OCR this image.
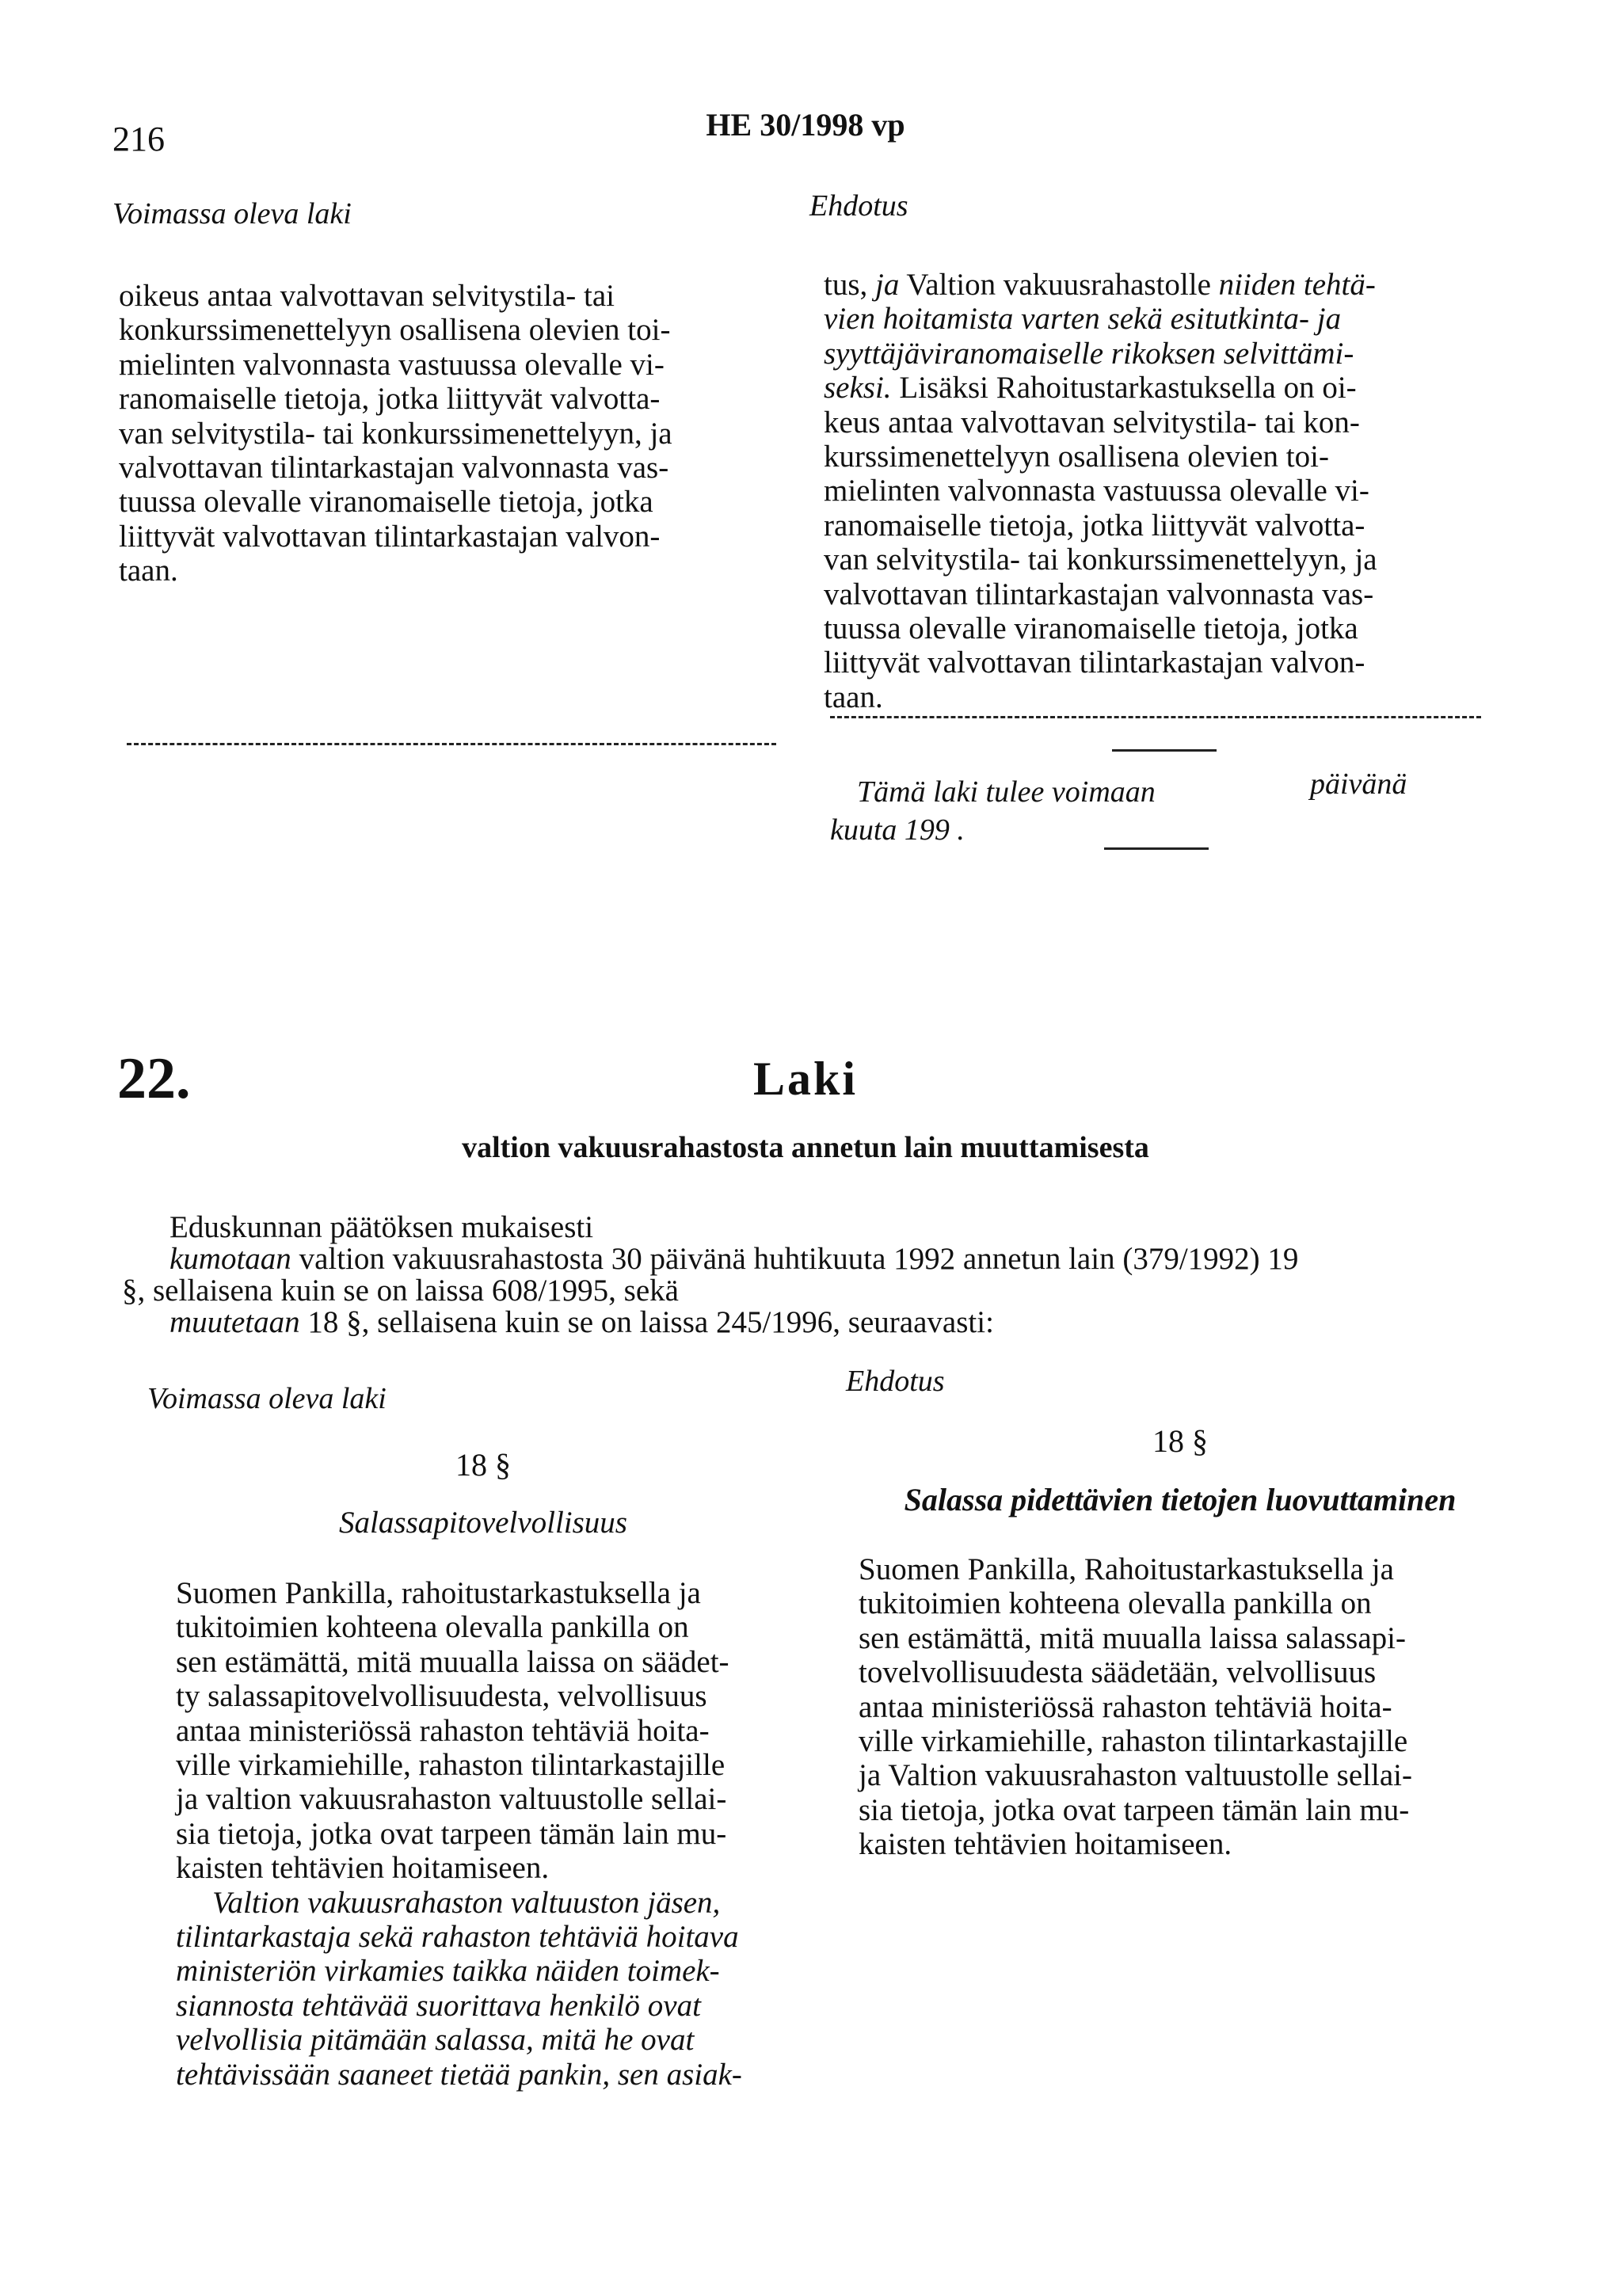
216	HE 30/1998 vp
Voimassa oleva laki	Ehdotus

oikeus antaa valvottavan selvitystila- tai

konkurssimenettelyyn osallisena olevien toi-

mielinten valvonnasta vastuussa olevalle vi-

ranomaiselle tietoja, jotka liittyvät valvotta-

van selvitystila- tai konkurssimenettelyyn, ja

valvottavan tilintarkastajan valvonnasta vas-

tuussa olevalle viranomaiselle tietoja, jotka

liittyvät valvottavan tilintarkastajan valvon-

taan.

tus, ja Valtion vakuusrahastolle niiden tehtä-

vien hoitamista varten sekä esitutkinta- ja

syyttäjäviranomaiselle rikoksen selvittämi-

seksi. Lisäksi Rahoitustarkastuksella on oi-

keus antaa valvottavan selvitystila- tai kon-

kurssimenettelyyn osallisena olevien toi-

mielinten valvonnasta vastuussa olevalle vi-

ranomaiselle tietoja, jotka liittyvät valvotta-

van selvitystila- tai konkurssimenettelyyn, ja

valvottavan tilintarkastajan valvonnasta vas-

tuussa olevalle viranomaiselle tietoja, jotka

liittyvät valvottavan tilintarkastajan valvon-

taan.

Tämä laki tulee voimaan	päivänä
kuuta 199 .
22.	Laki
valtion vakuusrahastosta annetun lain muuttamisesta

Eduskunnan päätöksen mukaisesti

kumotaan valtion vakuusrahastosta 30 päivänä huhtikuuta 1992 annetun lain (379/1992) 19

§, sellaisena kuin se on laissa 608/1995, sekä

muutetaan 18 §, sellaisena kuin se on laissa 245/1996, seuraavasti:

Voimassa oleva laki
Ehdotus
18 §
Salassapitovelvollisuus

Suomen Pankilla, rahoitustarkastuksella ja

tukitoimien kohteena olevalla pankilla on

sen estämättä, mitä muualla laissa on säädet-

ty salassapitovelvollisuudesta, velvollisuus

antaa ministeriössä rahaston tehtäviä hoita-

ville virkamiehille, rahaston tilintarkastajille

ja valtion vakuusrahaston valtuustolle sellai-

sia tietoja, jotka ovat tarpeen tämän lain mu-

kaisten tehtävien hoitamiseen.

Valtion vakuusrahaston valtuuston jäsen,

tilintarkastaja sekä rahaston tehtäviä hoitava

ministeriön virkamies taikka näiden toimek-

siannosta tehtävää suorittava henkilö ovat

velvollisia pitämään salassa, mitä he ovat

tehtävissään saaneet tietää pankin, sen asiak-

18 §
Salassa pidettävien tietojen luovuttaminen

Suomen Pankilla, Rahoitustarkastuksella ja

tukitoimien kohteena olevalla pankilla on

sen estämättä, mitä muualla laissa salassapi-

tovelvollisuudesta säädetään, velvollisuus

antaa ministeriössä rahaston tehtäviä hoita-

ville virkamiehille, rahaston tilintarkastajille

ja Valtion vakuusrahaston valtuustolle sellai-

sia tietoja, jotka ovat tarpeen tämän lain mu-

kaisten tehtävien hoitamiseen.
